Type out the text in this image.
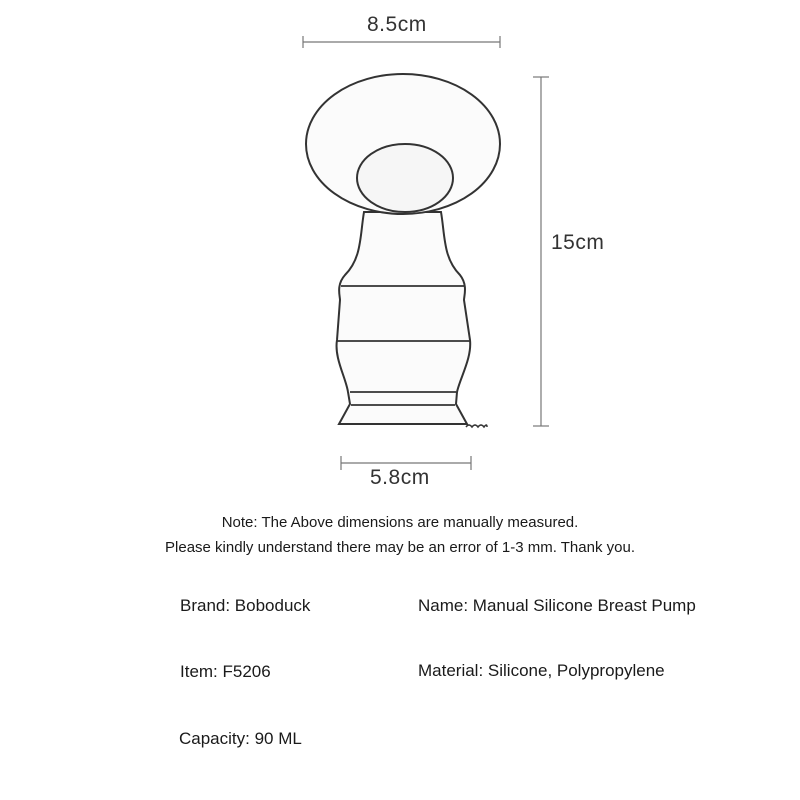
8.5cm
15cm
5.8cm
Note: The Above dimensions are manually measured.
Please kindly understand there may be an error of 1-3 mm. Thank you.
Brand: Boboduck	Name: Manual Silicone Breast Pump
Item: F5206	Material: Silicone, Polypropylene
Capacity: 90 ML
